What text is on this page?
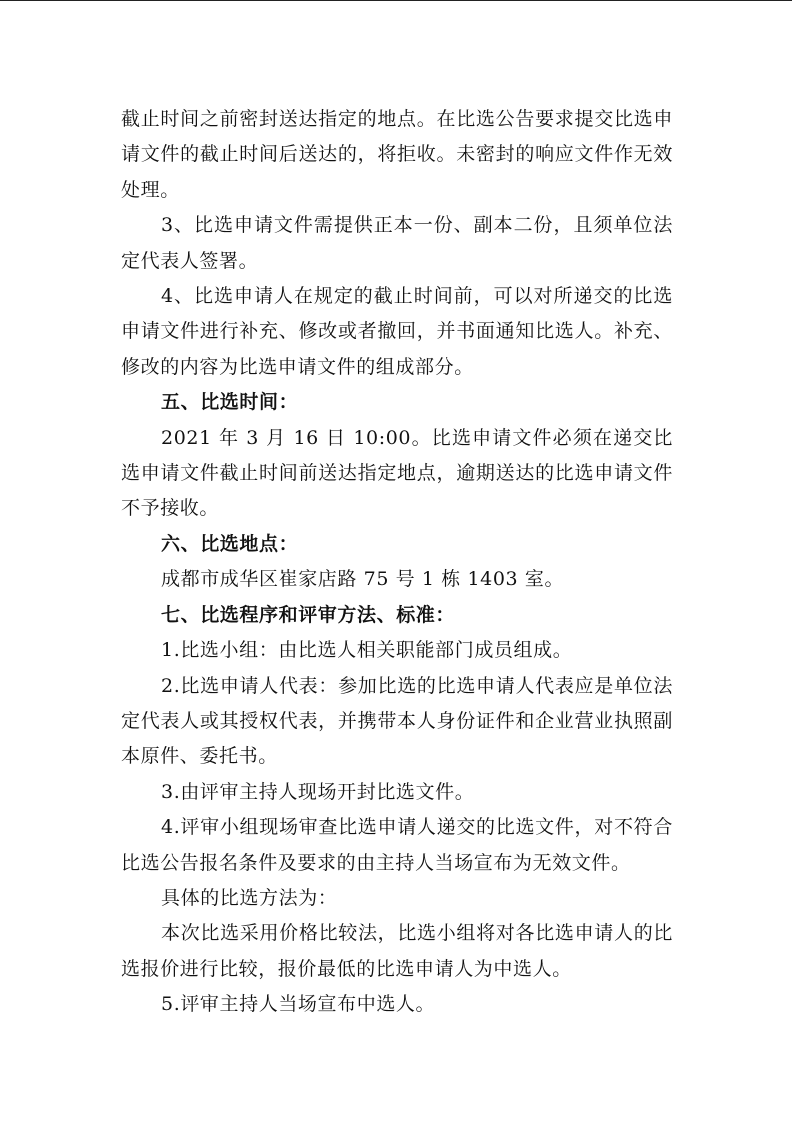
截止时间之前密封送达指定的地点。在比选公告要求提交比选申请文件的截止时间后送达的，将拒收。未密封的响应文件作无效处理。

3、比选申请文件需提供正本一份、副本二份，且须单位法定代表人签署。

4、比选申请人在规定的截止时间前，可以对所递交的比选申请文件进行补充、修改或者撤回，并书面通知比选人。补充、修改的内容为比选申请文件的组成部分。

五、比选时间：

2021 年 3 月 16 日 10:00。比选申请文件必须在递交比选申请文件截止时间前送达指定地点，逾期送达的比选申请文件不予接收。

六、比选地点：

成都市成华区崔家店路 75 号 1 栋 1403 室。

七、比选程序和评审方法、标准：

1.比选小组：由比选人相关职能部门成员组成。

2.比选申请人代表：参加比选的比选申请人代表应是单位法定代表人或其授权代表，并携带本人身份证件和企业营业执照副本原件、委托书。

3.由评审主持人现场开封比选文件。

4.评审小组现场审查比选申请人递交的比选文件，对不符合比选公告报名条件及要求的由主持人当场宣布为无效文件。

具体的比选方法为：

本次比选采用价格比较法，比选小组将对各比选申请人的比选报价进行比较，报价最低的比选申请人为中选人。

5.评审主持人当场宣布中选人。
